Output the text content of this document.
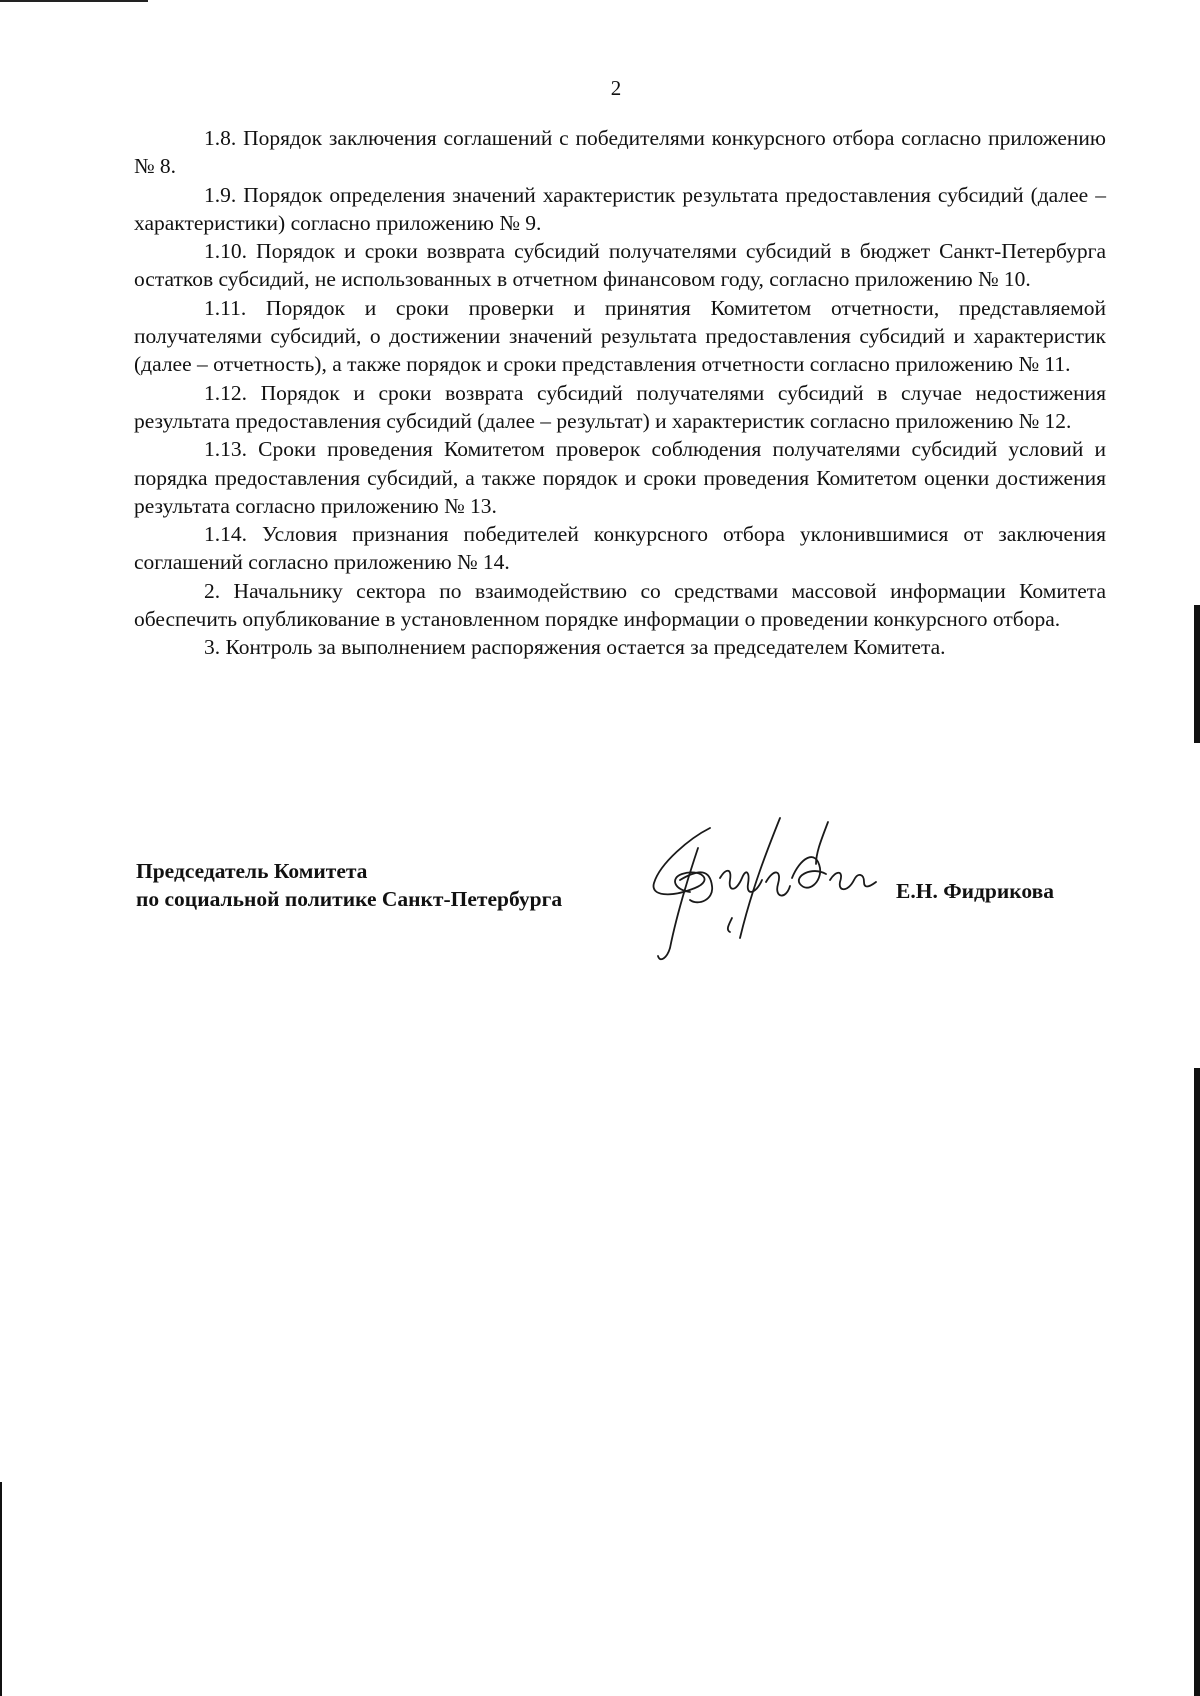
2

1.8. Порядок заключения соглашений с победителями конкурсного отбора согласно приложению № 8.

1.9. Порядок определения значений характеристик результата предоставления субсидий (далее – характеристики) согласно приложению № 9.

1.10. Порядок и сроки возврата субсидий получателями субсидий в бюджет Санкт-Петербурга остатков субсидий, не использованных в отчетном финансовом году, согласно приложению № 10.

1.11. Порядок и сроки проверки и принятия Комитетом отчетности, представляемой получателями субсидий, о достижении значений результата предоставления субсидий и характеристик (далее – отчетность), а также порядок и сроки представления отчетности согласно приложению № 11.

1.12. Порядок и сроки возврата субсидий получателями субсидий в случае недостижения результата предоставления субсидий (далее – результат) и характеристик согласно приложению № 12.

1.13. Сроки проведения Комитетом проверок соблюдения получателями субсидий условий и порядка предоставления субсидий, а также порядок и сроки проведения Комитетом оценки достижения результата согласно приложению № 13.

1.14. Условия признания победителей конкурсного отбора уклонившимися от заключения соглашений согласно приложению № 14.

2. Начальнику сектора по взаимодействию со средствами массовой информации Комитета обеспечить опубликование в установленном порядке информации о проведении конкурсного отбора.

3. Контроль за выполнением распоряжения остается за председателем Комитета.

Председатель Комитета
по социальной политике Санкт-Петербурга	Е.Н. Фидрикова
